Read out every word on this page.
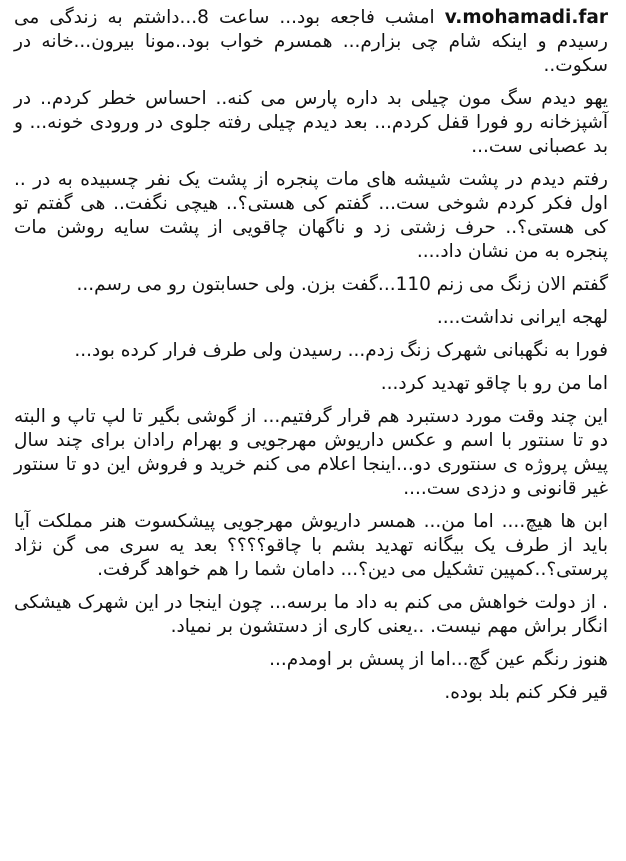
v.mohamadi.far امشب فاجعه بود... ساعت 8...داشتم به زندگی می رسیدم و اینکه شام چی بزارم... همسرم خواب بود..مونا بیرون...خانه در سکوت..

یهو دیدم سگ مون چیلی بد داره پارس می کنه.. احساس خطر کردم.. در آشپزخانه رو فورا قفل کردم... بعد دیدم چیلی رفته جلوی در ورودی خونه... و بد عصبانی ست...

رفتم دیدم در پشت شیشه های مات پنجره از پشت یک نفر چسبیده به در .. اول فکر کردم شوخی ست... گفتم کی هستی؟.. هیچی نگفت.. هی گفتم تو کی هستی؟.. حرف زشتی زد و ناگهان چاقویی از پشت سایه روشن مات پنجره به من نشان داد....

گفتم الان زنگ می زنم 110...گفت بزن. ولی حسابتون رو می رسم...

لهجه ایرانی نداشت....

فورا به نگهبانی شهرک زنگ زدم... رسیدن ولی طرف فرار کرده بود...

اما من رو با چاقو تهدید کرد...

این چند وقت مورد دستبرد هم قرار گرفتیم... از گوشی بگیر تا لپ تاپ و البته دو تا سنتور با اسم و عکس داریوش مهرجویی و بهرام رادان برای چند سال پیش پروژه ی سنتوری دو...اینجا اعلام می کنم خرید و فروش این دو تا سنتور غیر قانونی و دزدی ست....

ابن ها هیچ.... اما من... همسر داریوش مهرجویی پیشکسوت هنر مملکت آیا باید از طرف یک بیگانه تهدید بشم با چاقو؟؟؟؟ بعد یه سری می گن نژاد پرستی؟..کمپین تشکیل می دین؟... دامان شما را هم خواهد گرفت.

. از دولت خواهش می کنم به داد ما برسه... چون اینجا در این شهرک هیشکی انگار براش مهم نیست. ..یعنی کاری از دستشون بر نمیاد.

هنوز رنگم عین گچ...اما از پسش بر اومدم...

قیر فکر کنم بلد بوده.
